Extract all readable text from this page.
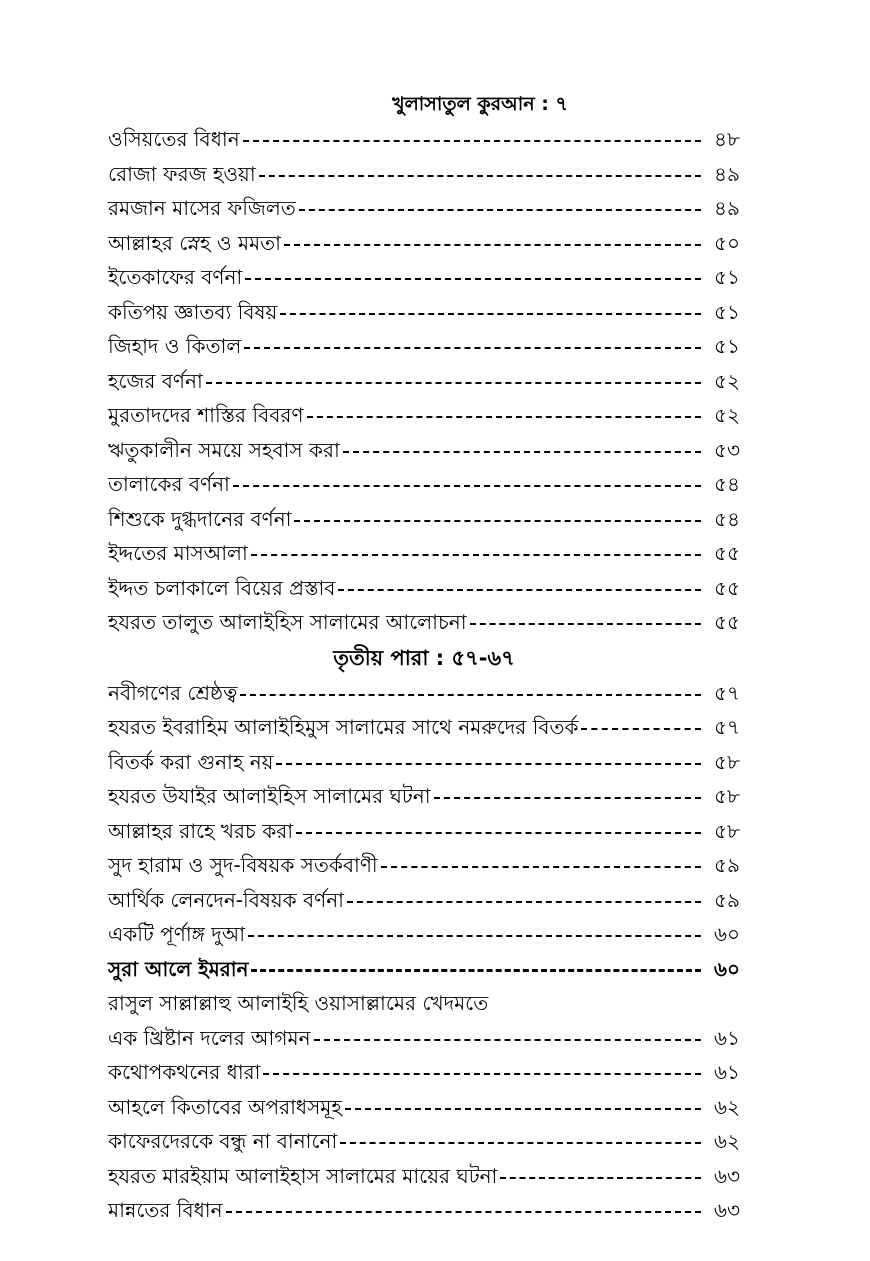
খুলাসাতুল কুরআন : ৭
ওসিয়তের বিধান	৪৮
রোজা ফরজ হওয়া	৪৯
রমজান মাসের ফজিলত	৪৯
আল্লাহর স্নেহ ও মমতা	৫০
ইতেকাফের বর্ণনা	৫১
কতিপয় জ্ঞাতব্য বিষয়	৫১
জিহাদ ও কিতাল	৫১
হজের বর্ণনা	৫২
মুরতাদদের শাস্তির বিবরণ	৫২
ঋতুকালীন সময়ে সহবাস করা	৫৩
তালাকের বর্ণনা	৫৪
শিশুকে দুগ্ধদানের বর্ণনা	৫৪
ইদ্দতের মাসআলা	৫৫
ইদ্দত চলাকালে বিয়ের প্রস্তাব	৫৫
হযরত তালুত আলাইহিস সালামের আলোচনা	৫৫
তৃতীয় পারা : ৫৭-৬৭
নবীগণের শ্রেষ্ঠত্ব	৫৭
হযরত ইবরাহিম আলাইহিমুস সালামের সাথে নমরুদের বিতর্ক	৫৭
বিতর্ক করা গুনাহ নয়	৫৮
হযরত উযাইর আলাইহিস সালামের ঘটনা	৫৮
আল্লাহর রাহে খরচ করা	৫৮
সুদ হারাম ও সুদ-বিষয়ক সতর্কবাণী	৫৯
আর্থিক লেনদেন-বিষয়ক বর্ণনা	৫৯
একটি পূর্ণাঙ্গ দুআ	৬০
সুরা আলে ইমরান	৬০
রাসুল সাল্লাল্লাহু আলাইহি ওয়াসাল্লামের খেদমতে
এক খ্রিষ্টান দলের আগমন	৬১
কথোপকথনের ধারা	৬১
আহলে কিতাবের অপরাধসমূহ	৬২
কাফেরদেরকে বন্ধু না বানানো	৬২
হযরত মারইয়াম আলাইহাস সালামের মায়ের ঘটনা	৬৩
মান্নতের বিধান	৬৩
